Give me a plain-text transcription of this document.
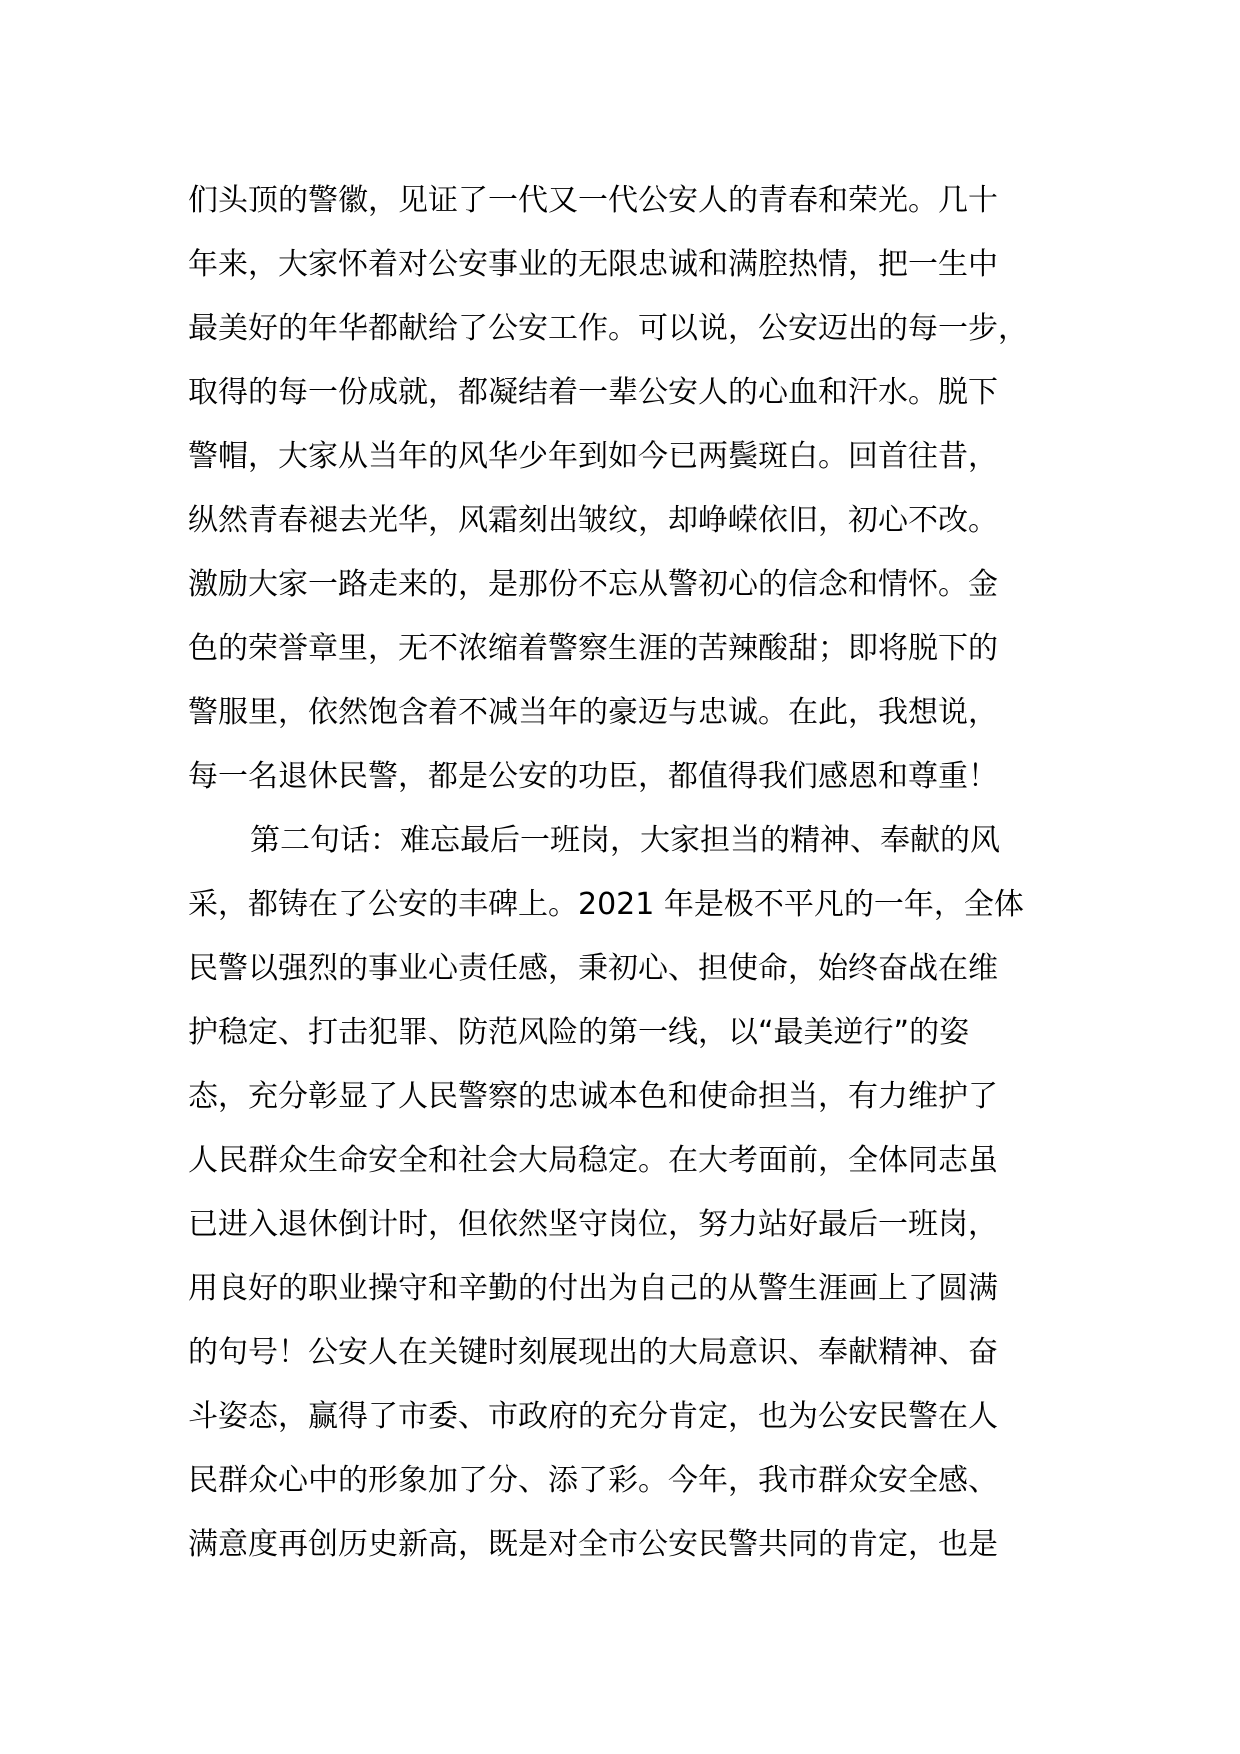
们头顶的警徽，见证了一代又一代公安人的青春和荣光。几十
年来，大家怀着对公安事业的无限忠诚和满腔热情，把一生中
最美好的年华都献给了公安工作。可以说，公安迈出的每一步，
取得的每一份成就，都凝结着一辈公安人的心血和汗水。脱下
警帽，大家从当年的风华少年到如今已两鬓斑白。回首往昔，
纵然青春褪去光华，风霜刻出皱纹，却峥嵘依旧，初心不改。
激励大家一路走来的，是那份不忘从警初心的信念和情怀。金
色的荣誉章里，无不浓缩着警察生涯的苦辣酸甜；即将脱下的
警服里，依然饱含着不减当年的豪迈与忠诚。在此，我想说，
每一名退休民警，都是公安的功臣，都值得我们感恩和尊重！
第二句话：难忘最后一班岗，大家担当的精神、奉献的风
采，都铸在了公安的丰碑上。2021 年是极不平凡的一年，全体
民警以强烈的事业心责任感，秉初心、担使命，始终奋战在维
护稳定、打击犯罪、防范风险的第一线，以“最美逆行”的姿
态，充分彰显了人民警察的忠诚本色和使命担当，有力维护了
人民群众生命安全和社会大局稳定。在大考面前，全体同志虽
已进入退休倒计时，但依然坚守岗位，努力站好最后一班岗，
用良好的职业操守和辛勤的付出为自己的从警生涯画上了圆满
的句号！公安人在关键时刻展现出的大局意识、奉献精神、奋
斗姿态，赢得了市委、市政府的充分肯定，也为公安民警在人
民群众心中的形象加了分、添了彩。今年，我市群众安全感、
满意度再创历史新高，既是对全市公安民警共同的肯定，也是
